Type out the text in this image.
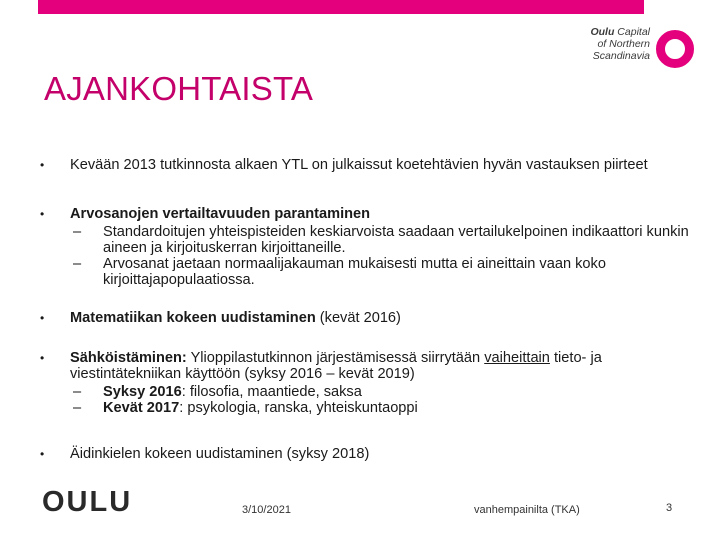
Oulu Capital
of Northern
Scandinavia
AJANKOHTAISTA
•	Kevään 2013 tutkinnosta alkaen YTL on julkaissut koetehtävien hyvän vastauksen piirteet
•	Arvosanojen vertailtavuuden parantaminen
– Standardoitujen yhteispisteiden keskiarvoista saadaan vertailukelpoinen indikaattori kunkin aineen ja kirjoituskerran kirjoittaneille.
– Arvosanat jaetaan normaalijakauman mukaisesti mutta ei aineittain vaan koko kirjoittajapopulaatiossa.
•	Matematiikan kokeen uudistaminen (kevät 2016)
•	Sähköistäminen: Ylioppilastutkinnon järjestämisessä siirrytään vaiheittain tieto- ja viestintätekniikan käyttöön (syksy 2016 – kevät 2019)
– Syksy 2016: filosofia, maantiede, saksa
– Kevät 2017: psykologia, ranska, yhteiskuntaoppi
•	Äidinkielen kokeen uudistaminen (syksy 2018)
OULU	3/10/2021	vanhempainilta (TKA)	3
